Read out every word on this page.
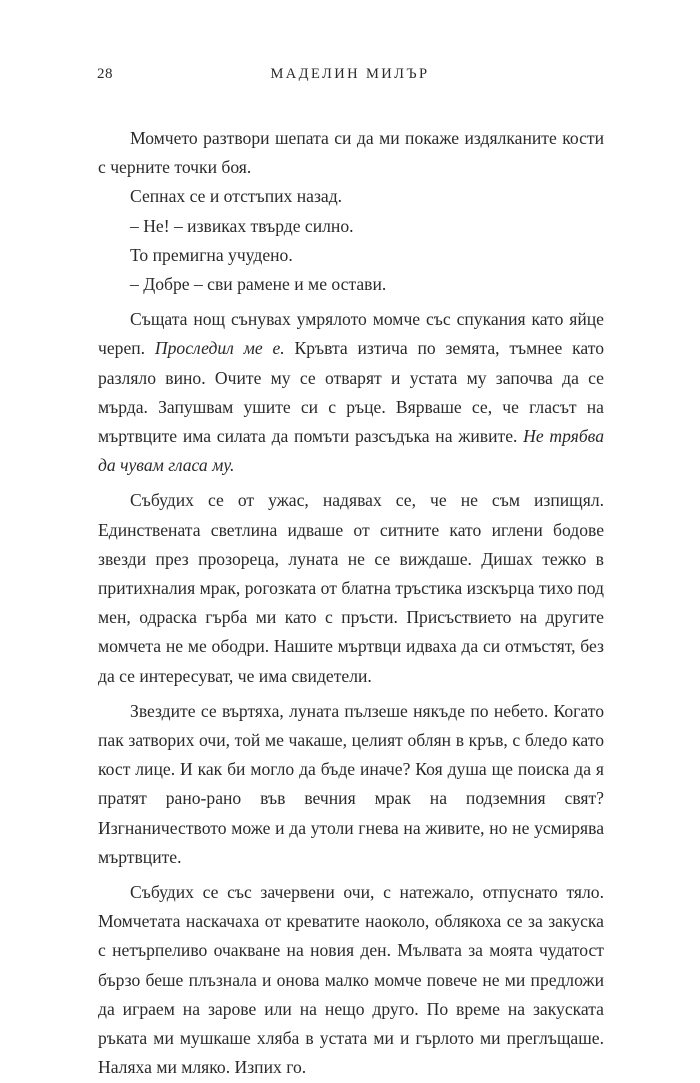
28	МАДЕЛИН МИЛЪР

Момчето разтвори шепата си да ми покаже издялканите кости с черните точки боя.

Сепнах се и отстъпих назад.

– Не! – извиках твърде силно.

То премигна учудено.

– Добре – сви рамене и ме остави.

Същата нощ сънувах умрялото момче със спукания като яйце череп. Проследил ме е. Кръвта изтича по земята, тъмнее като разляло вино. Очите му се отварят и устата му започва да се мърда. Запушвам ушите си с ръце. Вярваше се, че гласът на мъртвците има силата да помъти разсъдъка на живите. Не трябва да чувам гласа му.

Събудих се от ужас, надявах се, че не съм изпищял. Единствената светлина идваше от ситните като иглени бодове звезди през прозореца, луната не се виждаше. Дишах тежко в притихналия мрак, рогозката от блатна тръстика изскърца тихо под мен, одраска гърба ми като с пръсти. Присъствието на другите момчета не ме ободри. Нашите мъртвци идваха да си отмъстят, без да се интересуват, че има свидетели.

Звездите се въртяха, луната пълзеше някъде по небето. Когато пак затворих очи, той ме чакаше, целият облян в кръв, с бледо като кост лице. И как би могло да бъде иначе? Коя душа ще поиска да я пратят рано-рано във вечния мрак на подземния свят? Изгнаничеството може и да утоли гнева на живите, но не усмирява мъртвците.

Събудих се със зачервени очи, с натежало, отпуснато тяло. Момчетата наскачаха от креватите наоколо, облякоха се за закуска с нетърпеливо очакване на новия ден. Мълвата за моята чудатост бързо беше плъзнала и онова малко момче повече не ми предложи да играем на зарове или на нещо друго. По време на закуската ръката ми мушкаше хляба в устата ми и гърлото ми преглъщаше. Наляха ми мляко. Изпих го.
